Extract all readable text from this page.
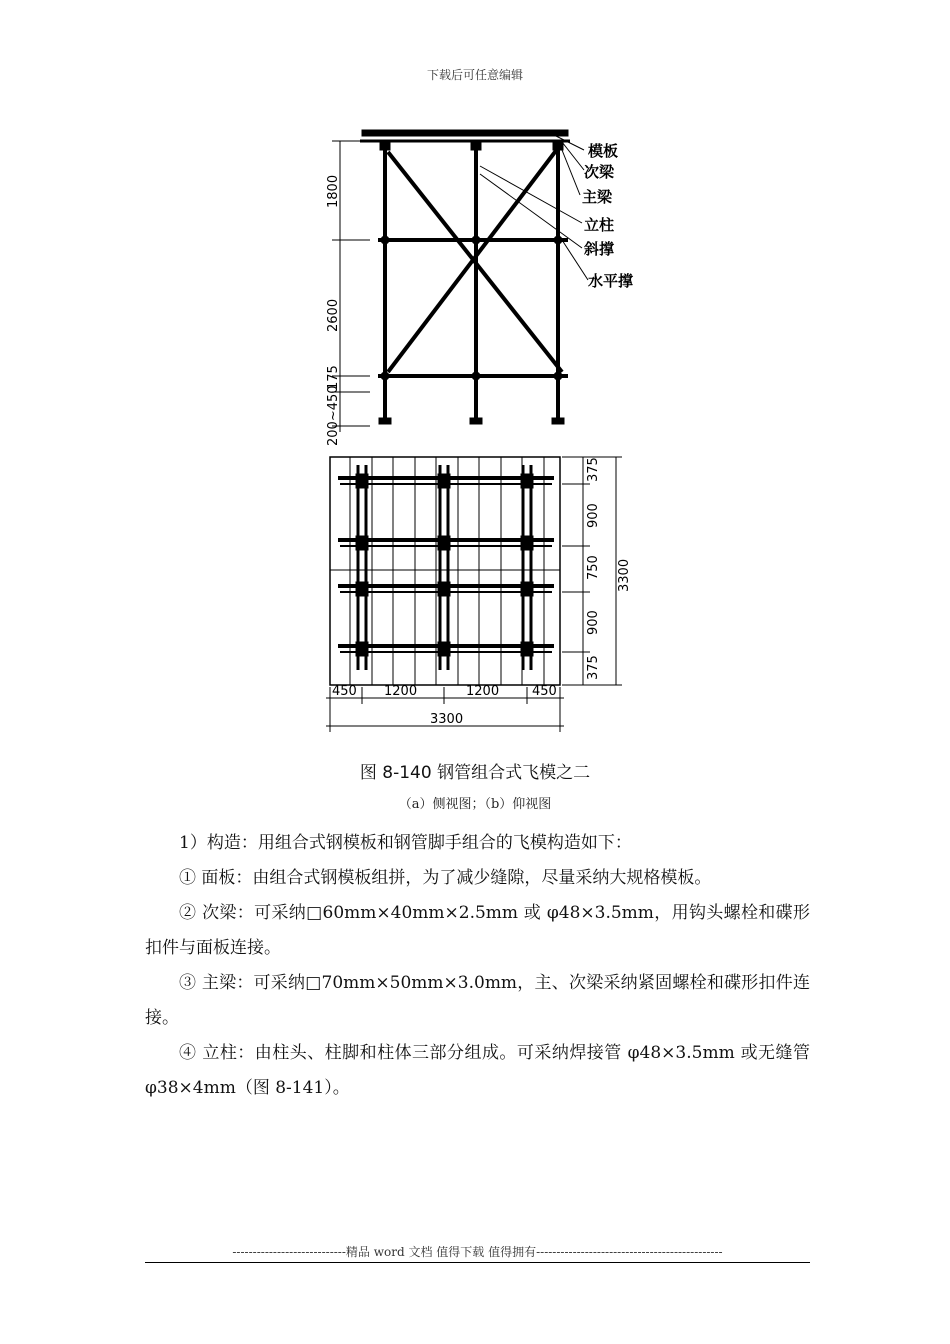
下载后可任意编辑
模板
次梁
主梁
立柱
斜撑
水平撑
1800
2600
175
200~450
375
900
750
900
375
3300
450 1200	1200	450
3300
图 8-140 钢管组合式飞模之二
（a）侧视图；（b）仰视图

1）构造：用组合式钢模板和钢管脚手组合的飞模构造如下：

① 面板：由组合式钢模板组拼，为了减少缝隙，尽量采纳大规格模板。

② 次梁：可采纳□60mm×40mm×2.5mm 或 φ48×3.5mm，用钩头螺栓和碟形扣件与面板连接。

③ 主梁：可采纳□70mm×50mm×3.0mm，主、次梁采纳紧固螺栓和碟形扣件连接。

④ 立柱：由柱头、柱脚和柱体三部分组成。可采纳焊接管 φ48×3.5mm 或无缝管 φ38×4mm（图 8-141）。

----------------------------精品 word 文档 值得下载 值得拥有----------------------------------------------
